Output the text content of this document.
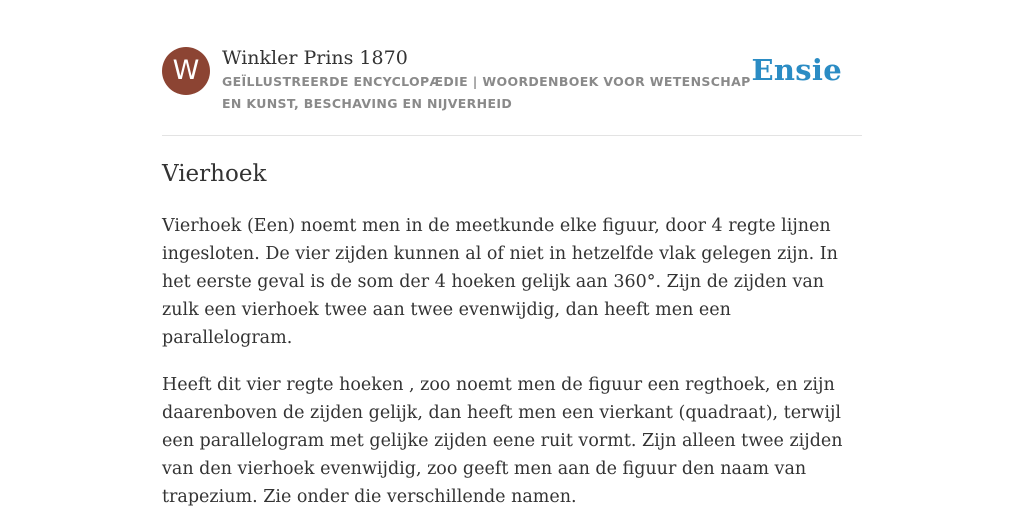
W	Winkler Prins 1870
GEÏLLUSTREERDE ENCYCLOPÆDIE | WOORDENBOEK VOOR WETENSCHAP EN KUNST, BESCHAVING EN NIJVERHEID
Ensie
Vierhoek

Vierhoek (Een) noemt men in de meetkunde elke figuur, door 4 regte lijnen ingesloten. De vier zijden kunnen al of niet in hetzelfde vlak gelegen zijn. In het eerste geval is de som der 4 hoeken gelijk aan 360°. Zijn de zijden van zulk een vierhoek twee aan twee evenwijdig, dan heeft men een parallelogram.

Heeft dit vier regte hoeken , zoo noemt men de figuur een regthoek, en zijn daarenboven de zijden gelijk, dan heeft men een vierkant (quadraat), terwijl een parallelogram met gelijke zijden eene ruit vormt. Zijn alleen twee zijden van den vierhoek evenwijdig, zoo geeft men aan de figuur den naam van trapezium. Zie onder die verschillende namen.
